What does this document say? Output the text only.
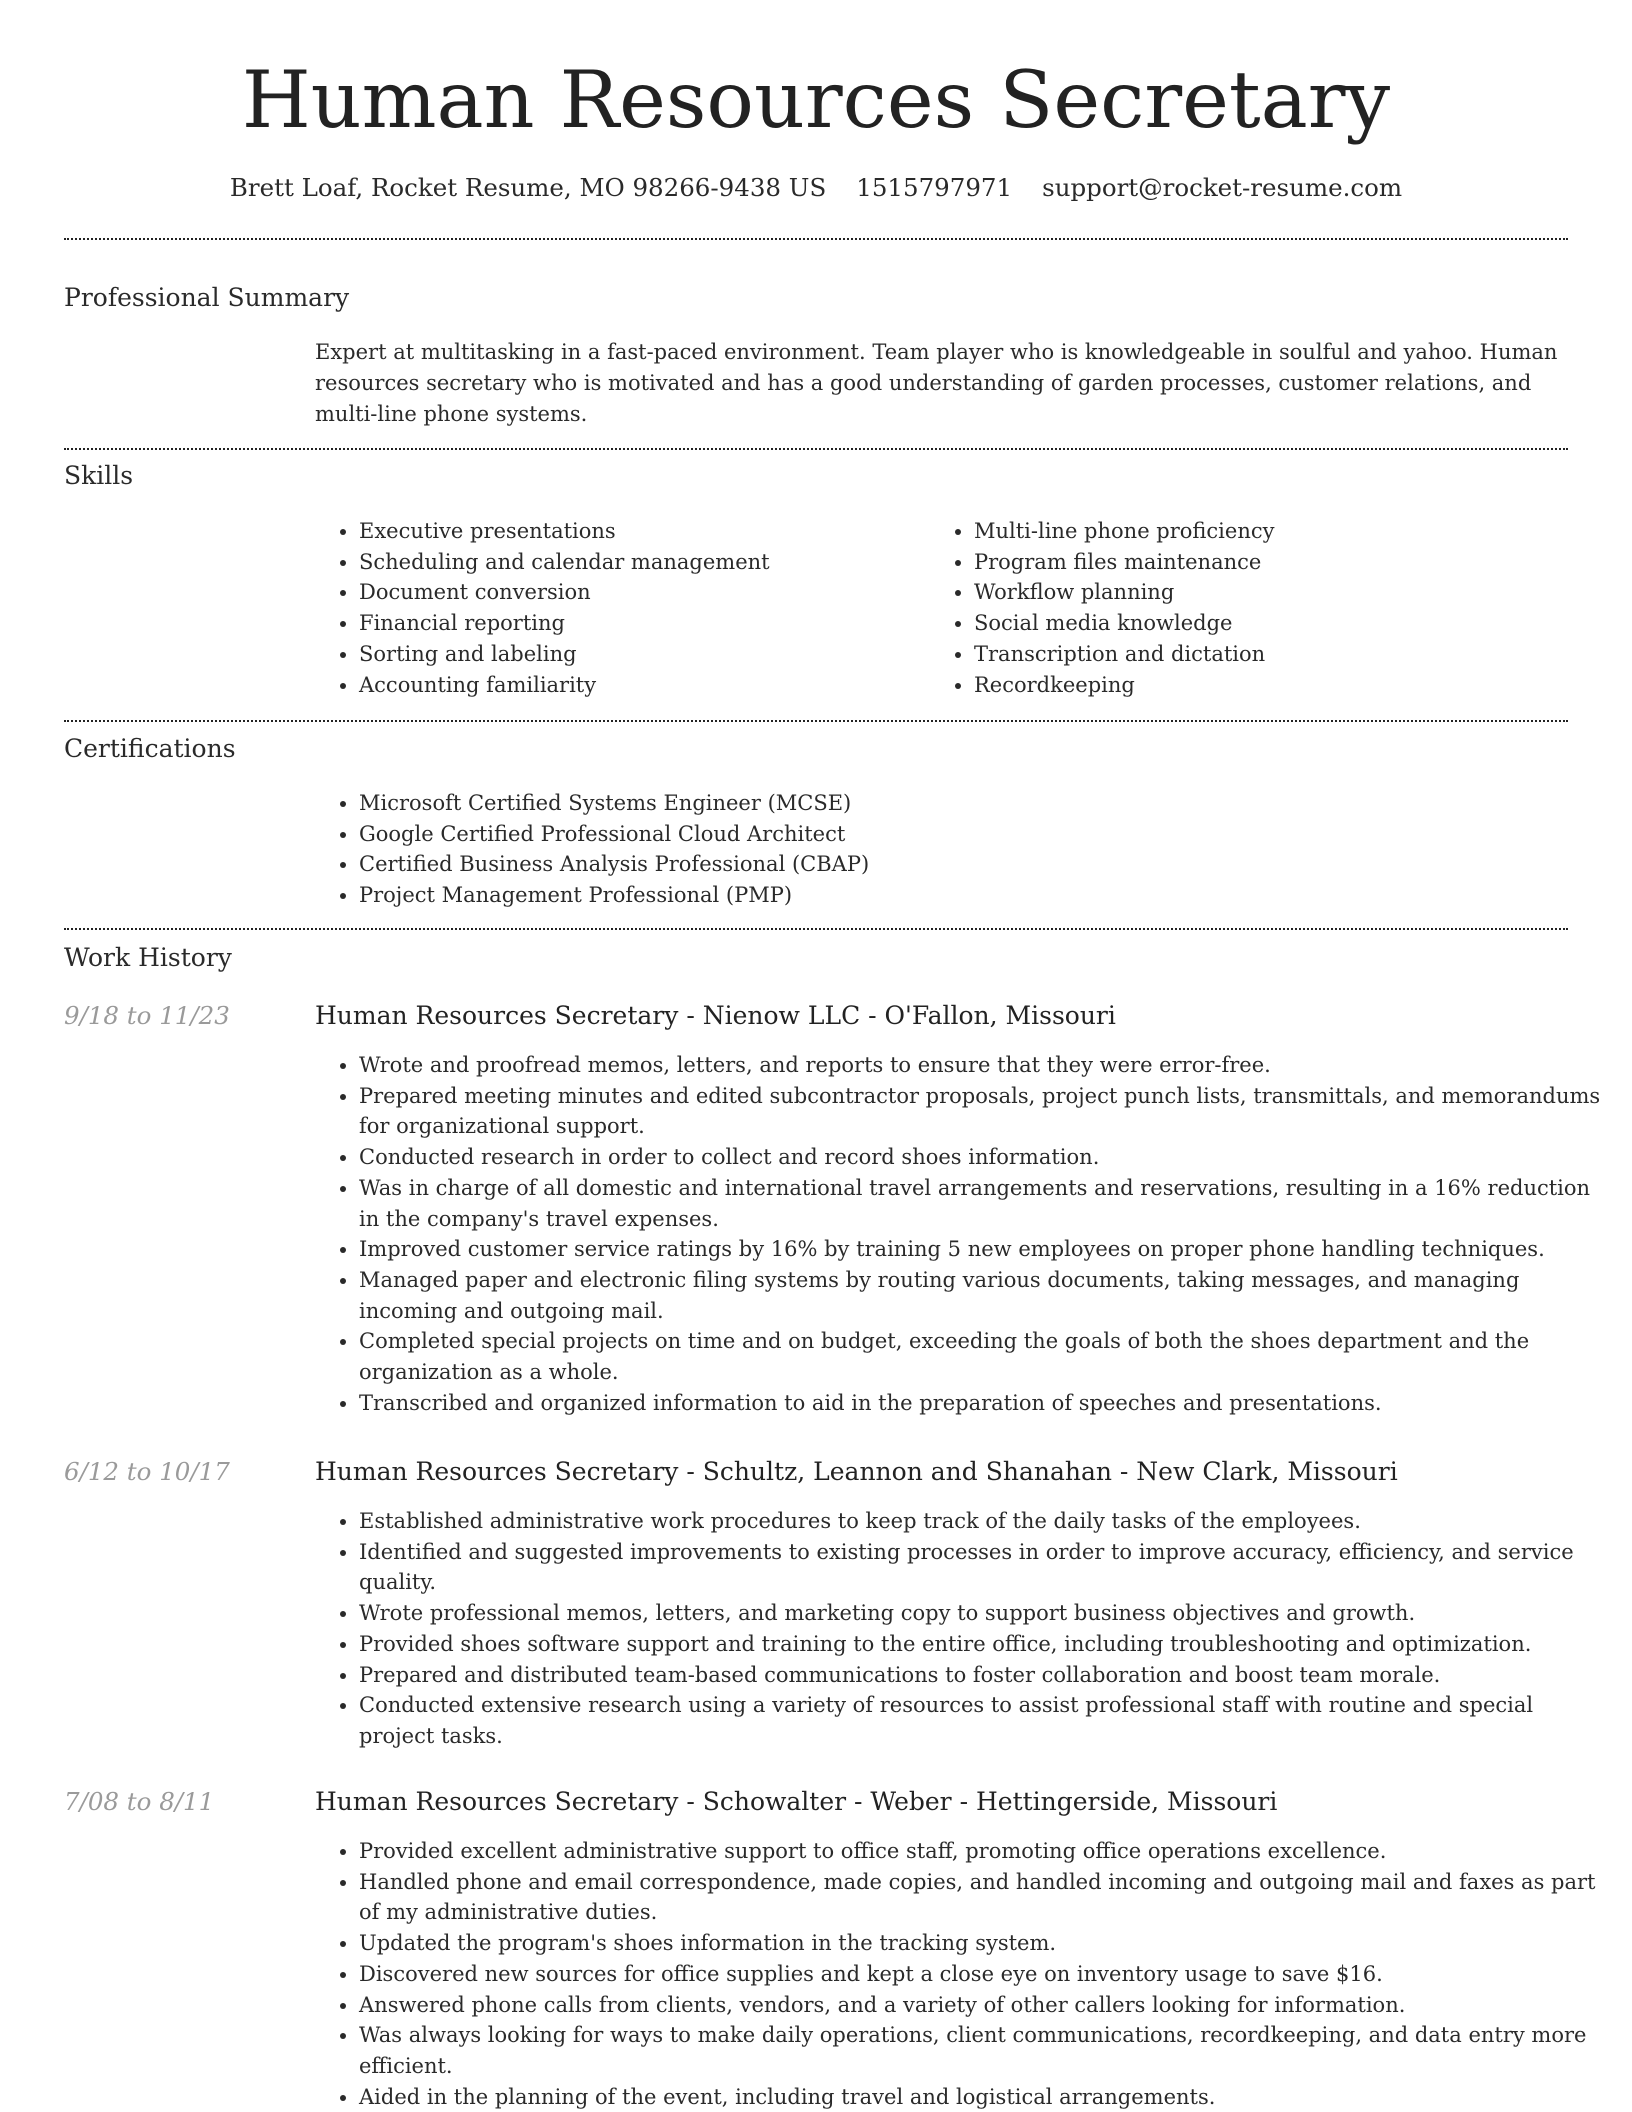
Human Resources Secretary
Brett Loaf, Rocket Resume, MO 98266-9438 US 1515797971 support@rocket-resume.com
Professional Summary

Expert at multitasking in a fast-paced environment. Team player who is knowledgeable in soulful and yahoo. Human resources secretary who is motivated and has a good understanding of garden processes, customer relations, and multi-line phone systems.

Skills
• Executive presentations
• Scheduling and calendar management
• Document conversion
• Financial reporting
• Sorting and labeling
• Accounting familiarity
• Multi-line phone proficiency
• Program files maintenance
• Workflow planning
• Social media knowledge
• Transcription and dictation
• Recordkeeping
Certifications
• Microsoft Certified Systems Engineer (MCSE)
• Google Certified Professional Cloud Architect
• Certified Business Analysis Professional (CBAP)
• Project Management Professional (PMP)
Work History
9/18 to 11/23	Human Resources Secretary - Nienow LLC - O'Fallon, Missouri
• Wrote and proofread memos, letters, and reports to ensure that they were error-free.
• Prepared meeting minutes and edited subcontractor proposals, project punch lists, transmittals, and memorandums for organizational support.
• Conducted research in order to collect and record shoes information.
• Was in charge of all domestic and international travel arrangements and reservations, resulting in a 16% reduction in the company's travel expenses.
• Improved customer service ratings by 16% by training 5 new employees on proper phone handling techniques.
• Managed paper and electronic filing systems by routing various documents, taking messages, and managing incoming and outgoing mail.
• Completed special projects on time and on budget, exceeding the goals of both the shoes department and the organization as a whole.
• Transcribed and organized information to aid in the preparation of speeches and presentations.
6/12 to 10/17	Human Resources Secretary - Schultz, Leannon and Shanahan - New Clark, Missouri
• Established administrative work procedures to keep track of the daily tasks of the employees.
• Identified and suggested improvements to existing processes in order to improve accuracy, efficiency, and service quality.
• Wrote professional memos, letters, and marketing copy to support business objectives and growth.
• Provided shoes software support and training to the entire office, including troubleshooting and optimization.
• Prepared and distributed team-based communications to foster collaboration and boost team morale.
• Conducted extensive research using a variety of resources to assist professional staff with routine and special project tasks.
7/08 to 8/11	Human Resources Secretary - Schowalter - Weber - Hettingerside, Missouri
• Provided excellent administrative support to office staff, promoting office operations excellence.
• Handled phone and email correspondence, made copies, and handled incoming and outgoing mail and faxes as part of my administrative duties.
• Updated the program's shoes information in the tracking system.
• Discovered new sources for office supplies and kept a close eye on inventory usage to save $16.
• Answered phone calls from clients, vendors, and a variety of other callers looking for information.
• Was always looking for ways to make daily operations, client communications, recordkeeping, and data entry more efficient.
• Aided in the planning of the event, including travel and logistical arrangements.
